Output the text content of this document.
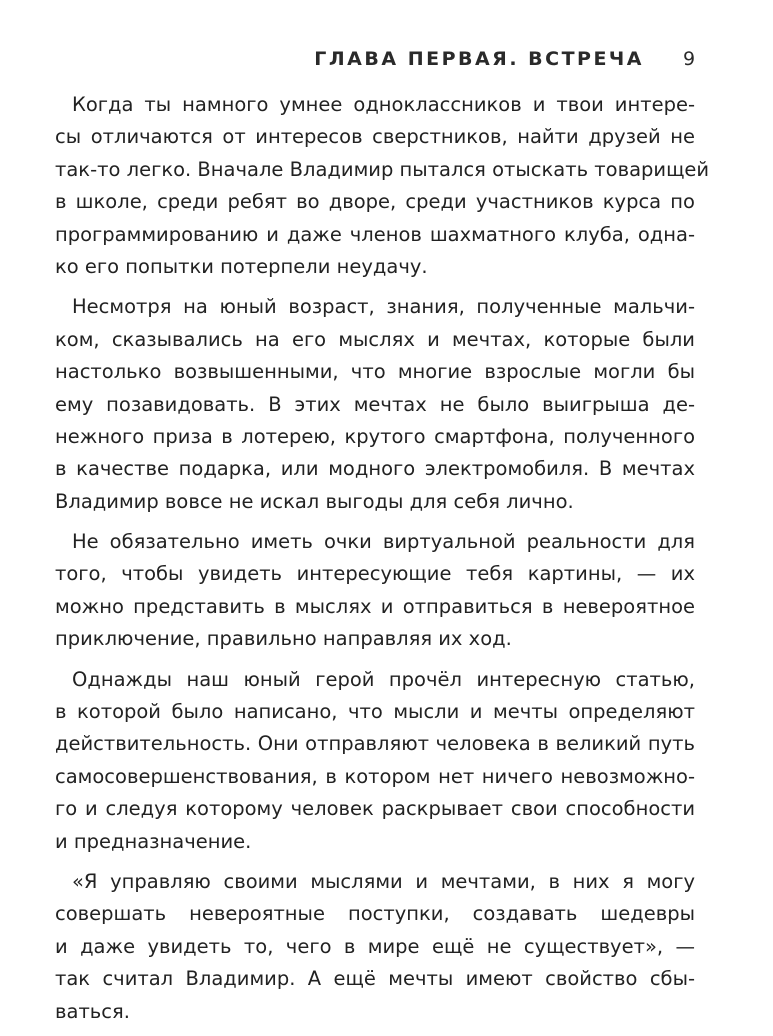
ГЛАВА ПЕРВАЯ. ВСТРЕЧА 9
Когда ты намного умнее одноклассников и твои интере-
сы отличаются от интересов сверстников, найти друзей не
так-то легко. Вначале Владимир пытался отыскать товарищей
в школе, среди ребят во дворе, среди участников курса по
программированию и даже членов шахматного клуба, одна-
ко его попытки потерпели неудачу.
Несмотря на юный возраст, знания, полученные мальчи-
ком, сказывались на его мыслях и мечтах, которые были
настолько возвышенными, что многие взрослые могли бы
ему позавидовать. В этих мечтах не было выигрыша де-
нежного приза в лотерею, крутого смартфона, полученного
в качестве подарка, или модного электромобиля. В мечтах
Владимир вовсе не искал выгоды для себя лично.
Не обязательно иметь очки виртуальной реальности для
того, чтобы увидеть интересующие тебя картины, — их
можно представить в мыслях и отправиться в невероятное
приключение, правильно направляя их ход.
Однажды наш юный герой прочёл интересную статью,
в которой было написано, что мысли и мечты определяют
действительность. Они отправляют человека в великий путь
самосовершенствования, в котором нет ничего невозможно-
го и следуя которому человек раскрывает свои способности
и предназначение.
«Я управляю своими мыслями и мечтами, в них я могу
совершать невероятные поступки, создавать шедевры
и даже увидеть то, чего в мире ещё не существует», —
так считал Владимир. А ещё мечты имеют свойство сбы-
ваться.
